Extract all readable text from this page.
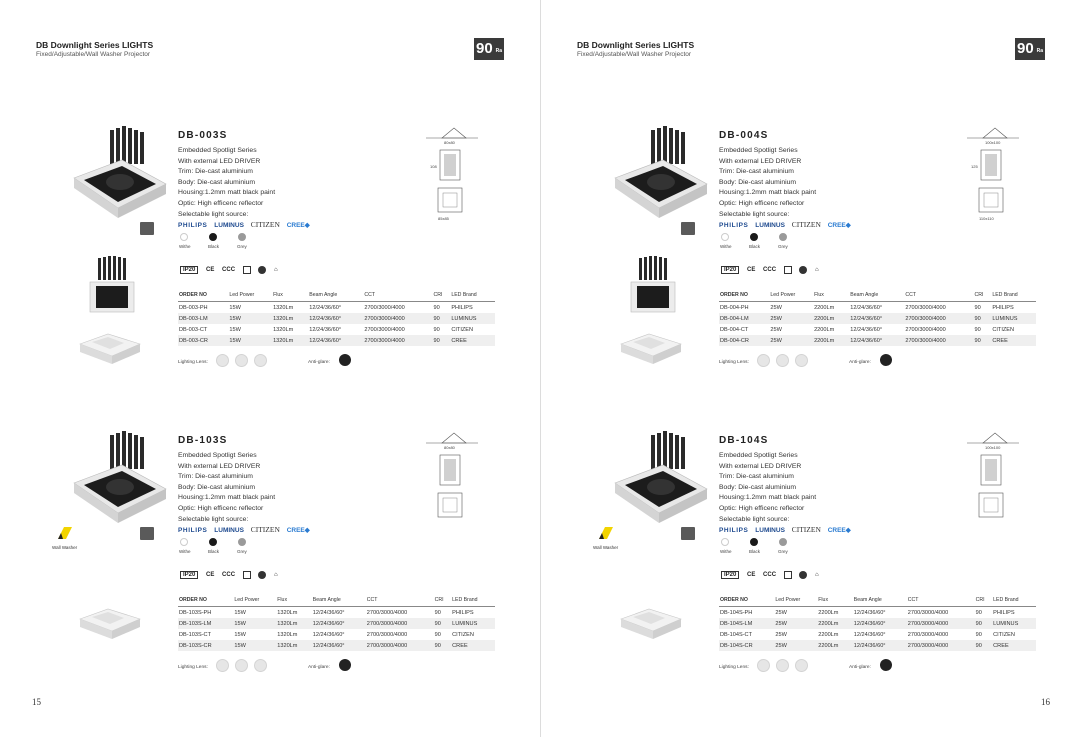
DB Downlight Series LIGHTS
Fixed/Adjustable/Wall Washer Projector	90 Ra
15
DB-003S
Embedded Spotligt Series
With external LED DRIVER
Trim: Die-cast aluminium
Body: Die-cast aluminium
Housing:1.2mm matt black paint
Optic: High efficenc reflector
Selectable light source:
PHILIPS LUMINUS CITIZEN CREE◆
Withe	Black	Grey
IP20 CE CCC	⌂
ORDER NO	Led Power	Flux	Beam Angle	CCT	CRI	LED Brand
DB-003-PH	15W	1320Lm	12/24/36/60°	2700/3000/4000	90	PHILIPS
DB-003-LM	15W	1320Lm	12/24/36/60°	2700/3000/4000	90	LUMINUS
DB-003-CT	15W	1320Lm	12/24/36/60°	2700/3000/4000	90	CITIZEN
DB-003-CR	15W	1320Lm	12/24/36/60°	2700/3000/4000	90	CREE
Lighting Lens:	Anti-glare:
80x80
108
85x85
Wall Washer
DB-103S
Embedded Spotligt Series
With external LED DRIVER
Trim: Die-cast aluminium
Body: Die-cast aluminium
Housing:1.2mm matt black paint
Optic: High efficenc reflector
Selectable light source:
PHILIPS LUMINUS CITIZEN CREE◆
Withe	Black	Grey
IP20 CE CCC	⌂
ORDER NO	Led Power	Flux	Beam Angle	CCT	CRI	LED Brand
DB-103S-PH	15W	1320Lm	12/24/36/60°	2700/3000/4000	90	PHILIPS
DB-103S-LM	15W	1320Lm	12/24/36/60°	2700/3000/4000	90	LUMINUS
DB-103S-CT	15W	1320Lm	12/24/36/60°	2700/3000/4000	90	CITIZEN
DB-103S-CR	15W	1320Lm	12/24/36/60°	2700/3000/4000	90	CREE
Lighting Lens:	Anti-glare:
80x80
DB Downlight Series LIGHTS
Fixed/Adjustable/Wall Washer Projector	90 Ra
16
DB-004S
Embedded Spotligt Series
With external LED DRIVER
Trim: Die-cast aluminium
Body: Die-cast aluminium
Housing:1.2mm matt black paint
Optic: High efficenc reflector
Selectable light source:
PHILIPS LUMINUS CITIZEN CREE◆
Withe	Black	Grey
IP20 CE CCC	⌂
ORDER NO	Led Power	Flux	Beam Angle	CCT	CRI	LED Brand
DB-004-PH	25W	2200Lm	12/24/36/60°	2700/3000/4000	90	PHILIPS
DB-004-LM	25W	2200Lm	12/24/36/60°	2700/3000/4000	90	LUMINUS
DB-004-CT	25W	2200Lm	12/24/36/60°	2700/3000/4000	90	CITIZEN
DB-004-CR	25W	2200Lm	12/24/36/60°	2700/3000/4000	90	CREE
Lighting Lens:	Anti-glare:
100x100
125
110x110
Wall Washer
DB-104S
Embedded Spotligt Series
With external LED DRIVER
Trim: Die-cast aluminium
Body: Die-cast aluminium
Housing:1.2mm matt black paint
Optic: High efficenc reflector
Selectable light source:
PHILIPS LUMINUS CITIZEN CREE◆
Withe	Black	Grey
IP20 CE CCC	⌂
ORDER NO	Led Power	Flux	Beam Angle	CCT	CRI	LED Brand
DB-104S-PH	25W	2200Lm	12/24/36/60°	2700/3000/4000	90	PHILIPS
DB-104S-LM	25W	2200Lm	12/24/36/60°	2700/3000/4000	90	LUMINUS
DB-104S-CT	25W	2200Lm	12/24/36/60°	2700/3000/4000	90	CITIZEN
DB-104S-CR	25W	2200Lm	12/24/36/60°	2700/3000/4000	90	CREE
Lighting Lens:	Anti-glare:
100x100
